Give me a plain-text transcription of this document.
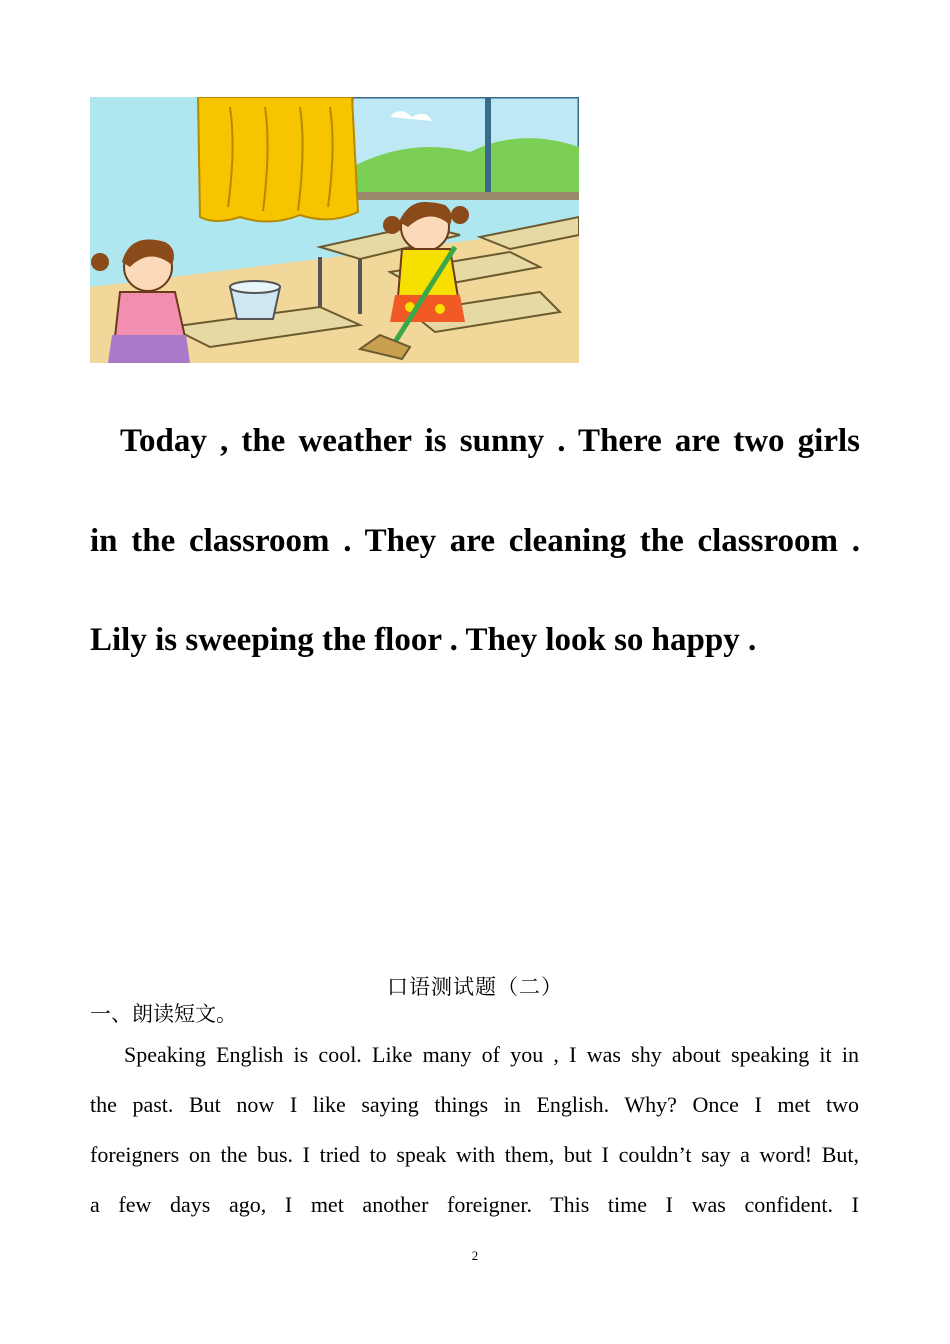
Today , the weather is sunny . There are two girls
in the classroom . They are cleaning the classroom .
Lily is sweeping the floor . They look so happy .

口语测试题（二）
一、朗读短文。
Speaking English is cool. Like many of you , I was shy about speaking it in
the past. But now I like saying things in English. Why? Once I met two
foreigners on the bus. I tried to speak with them, but I couldn’t say a word! But,
a few days ago, I met another foreigner. This time I was confident. I
2
